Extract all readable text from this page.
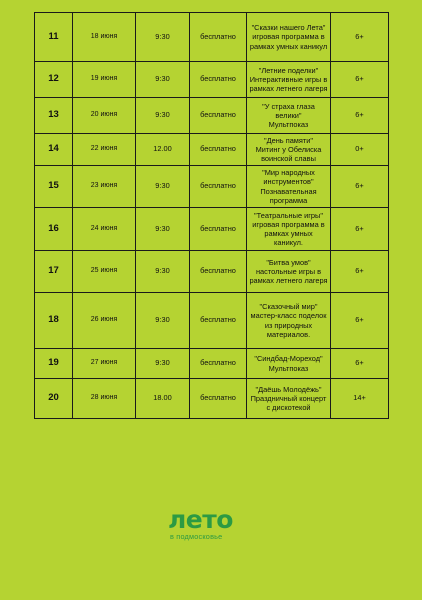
11	18 июня	9:30	бесплатно	"Сказки нашего Лета"
игровая программа в рамках умных каникул	6+
12	19 июня	9:30	бесплатно	"Летние поделки"
Интерактивные игры в рамках летнего лагеря	6+
13	20 июня	9:30	бесплатно	"У страха глаза велики"
Мультпоказ	6+
14	22 июня	12.00	бесплатно	"День памяти"
Митинг у Обелиска воинской славы	0+
15	23 июня	9:30	бесплатно	"Мир народных инструментов"
Познавательная программа	6+
16	24 июня	9:30	бесплатно	"Театральные игры"
игровая программа в рамках умных каникул.	6+
17	25 июня	9:30	бесплатно	"Битва умов"
настольные игры в рамках летнего лагеря	6+
18	26 июня	9:30	бесплатно	"Сказочный мир"
мастер-класс поделок из природных материалов.	6+
19	27 июня	9:30	бесплатно	"Синдбад-Мореход"
Мультпоказ	6+
20	28 июня	18.00	бесплатно	"Даёшь Молодёжь"
Праздничный концерт с дискотекой	14+
лето
в подмосковье
